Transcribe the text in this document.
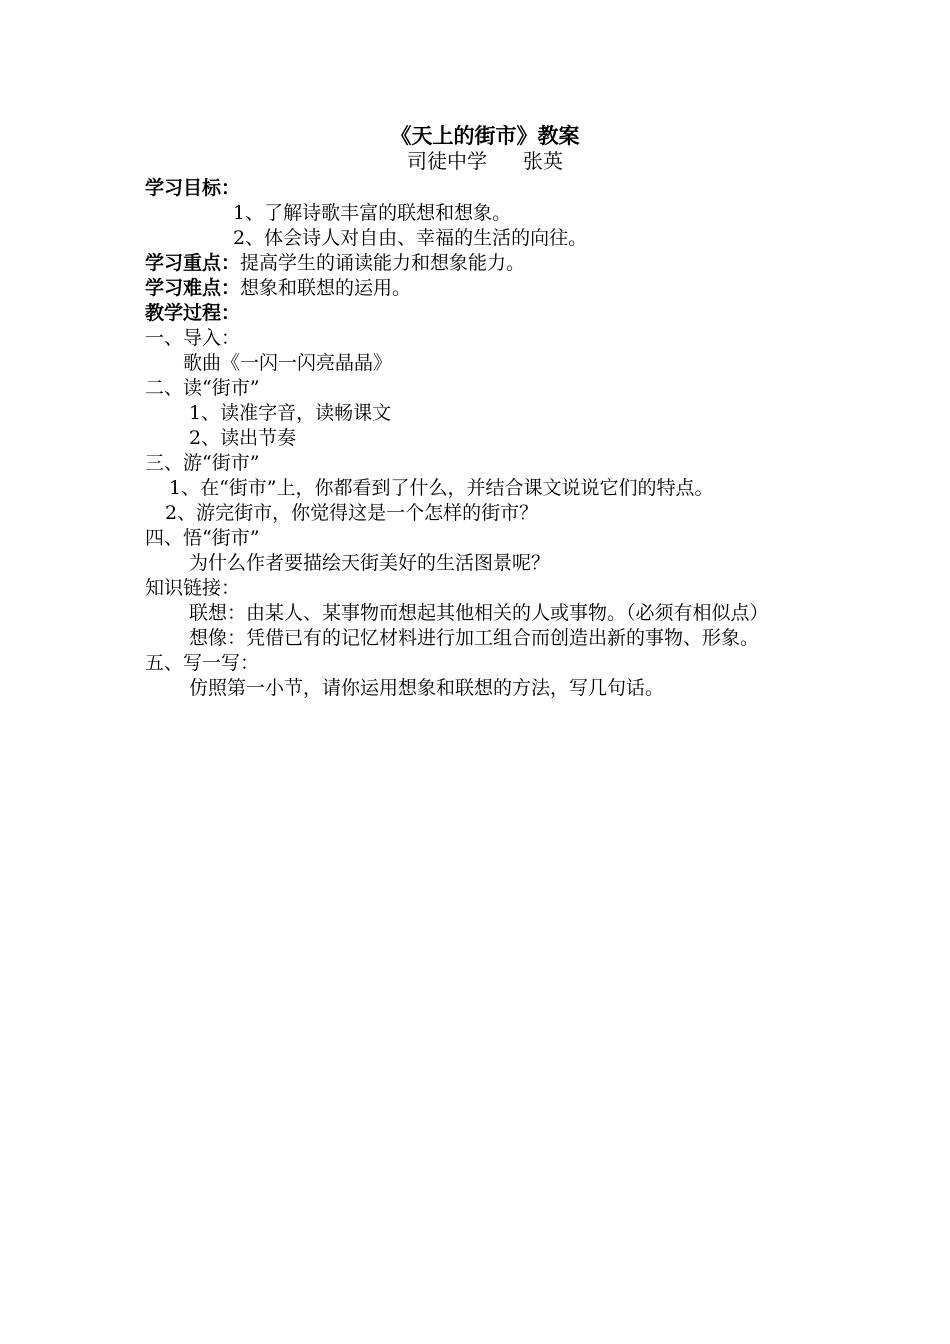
《天上的街市》教案
司徒中学 张英
学习目标：
1、了解诗歌丰富的联想和想象。
2、体会诗人对自由、幸福的生活的向往。
学习重点：提高学生的诵读能力和想象能力。
学习难点：想象和联想的运用。
教学过程：
一、导入：
歌曲《一闪一闪亮晶晶》
二、读“街市”
1、读准字音，读畅课文
2、读出节奏
三、游“街市”
1、在“街市”上，你都看到了什么，并结合课文说说它们的特点。
2、游完街市，你觉得这是一个怎样的街市？
四、悟“街市”
为什么作者要描绘天街美好的生活图景呢？
知识链接：
联想：由某人、某事物而想起其他相关的人或事物。（必须有相似点）
想像：凭借已有的记忆材料进行加工组合而创造出新的事物、形象。
五、写一写：
仿照第一小节，请你运用想象和联想的方法，写几句话。
